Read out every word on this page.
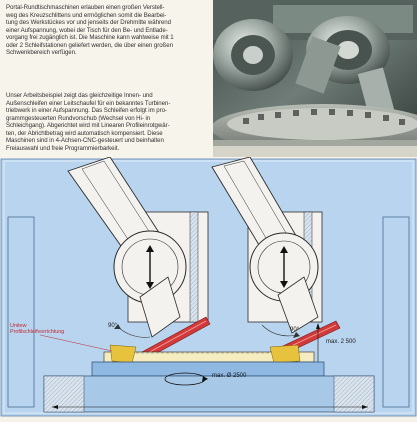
Portal-Rundtischmaschinen erlauben einen großen Verstell-
weg des Kreuzschlittens und ermöglichen somit die Bearbei-
tung des Werkstückes vor und jenseits der Drehmitte während
einer Aufspannung, wobei der Tisch für den Be- und Entlade-
vorgang frei zugänglich ist. Die Maschine kann wahlweise mit 1
oder 2 Schleifstationen geliefert werden, die über einen großen
Schwenkbereich verfügen.
Unser Arbeitsbeispiel zeigt das gleichzeitige Innen- und
Außenschleifen einer Leitschaufel für ein bekanntes Turbinen-
triebwerk in einer Aufspannung. Das Schleifen erfolgt im pro-
grammgesteuerten Rundvorschub (Wechsel von Hi- in
Schleichgang). Abgerichtet wird mit Linearen Profileinrotgwär-
ten, der Abrichtbetrag wird automatisch kompensiert. Diese
Maschinen sind in 4-Achsen-CNC-gesteuert und beinhalten
Freiauswahl und freie Programmierbarkeit.
Unitew
Profilschleifvorrichtung
90°
90°
max. 2 500
max. Ø 2500
